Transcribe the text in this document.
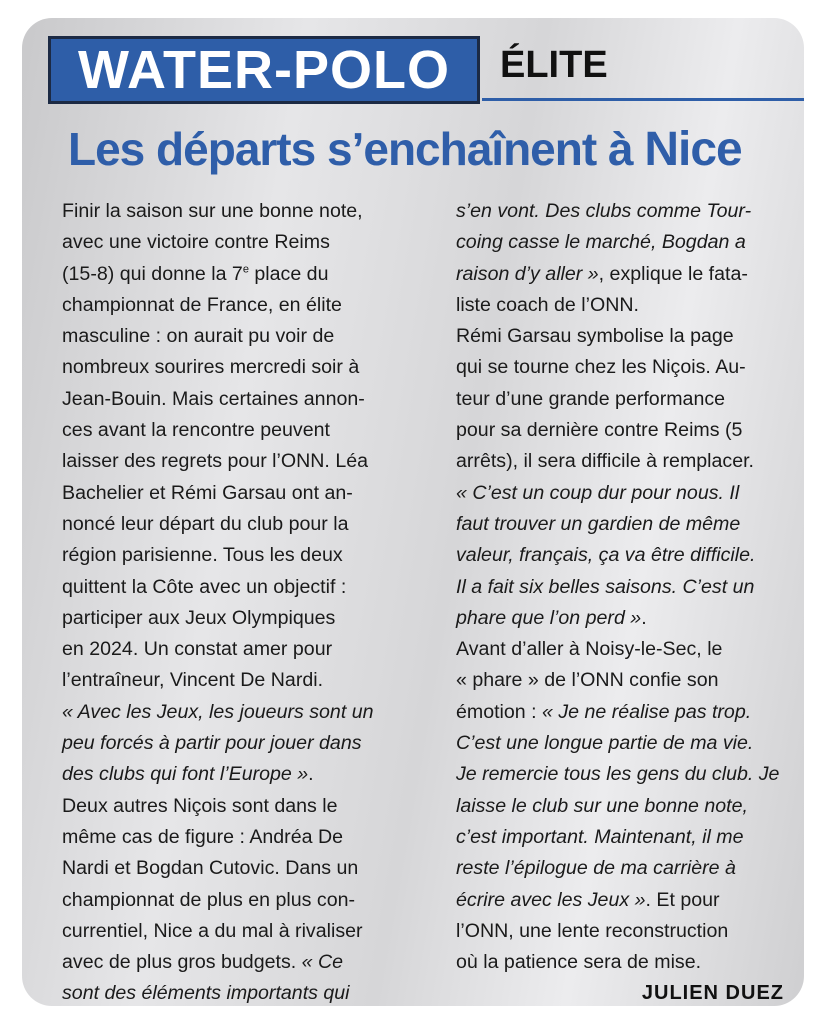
WATER-POLO ÉLITE
Les départs s’enchaînent à Nice

Finir la saison sur une bonne note,

avec une victoire contre Reims

(15-8) qui donne la 7e place du

championnat de France, en élite

masculine : on aurait pu voir de

nombreux sourires mercredi soir à

Jean-Bouin. Mais certaines annon-

ces avant la rencontre peuvent

laisser des regrets pour l’ONN. Léa

Bachelier et Rémi Garsau ont an-

noncé leur départ du club pour la

région parisienne. Tous les deux

quittent la Côte avec un objectif :

participer aux Jeux Olympiques

en 2024. Un constat amer pour

l’entraîneur, Vincent De Nardi.

« Avec les Jeux, les joueurs sont un

peu forcés à partir pour jouer dans

des clubs qui font l’Europe ».

Deux autres Niçois sont dans le

même cas de figure : Andréa De

Nardi et Bogdan Cutovic. Dans un

championnat de plus en plus con-

currentiel, Nice a du mal à rivaliser

avec de plus gros budgets. « Ce

sont des éléments importants qui

s’en vont. Des clubs comme Tour-

coing casse le marché, Bogdan a

raison d’y aller », explique le fata-

liste coach de l’ONN.

Rémi Garsau symbolise la page

qui se tourne chez les Niçois. Au-

teur d’une grande performance

pour sa dernière contre Reims (5

arrêts), il sera difficile à remplacer.

« C’est un coup dur pour nous. Il

faut trouver un gardien de même

valeur, français, ça va être difficile.

Il a fait six belles saisons. C’est un

phare que l’on perd ».

Avant d’aller à Noisy-le-Sec, le

« phare » de l’ONN confie son

émotion : « Je ne réalise pas trop.

C’est une longue partie de ma vie.

Je remercie tous les gens du club. Je

laisse le club sur une bonne note,

c’est important. Maintenant, il me

reste l’épilogue de ma carrière à

écrire avec les Jeux ». Et pour

l’ONN, une lente reconstruction

où la patience sera de mise.

JULIEN DUEZ
